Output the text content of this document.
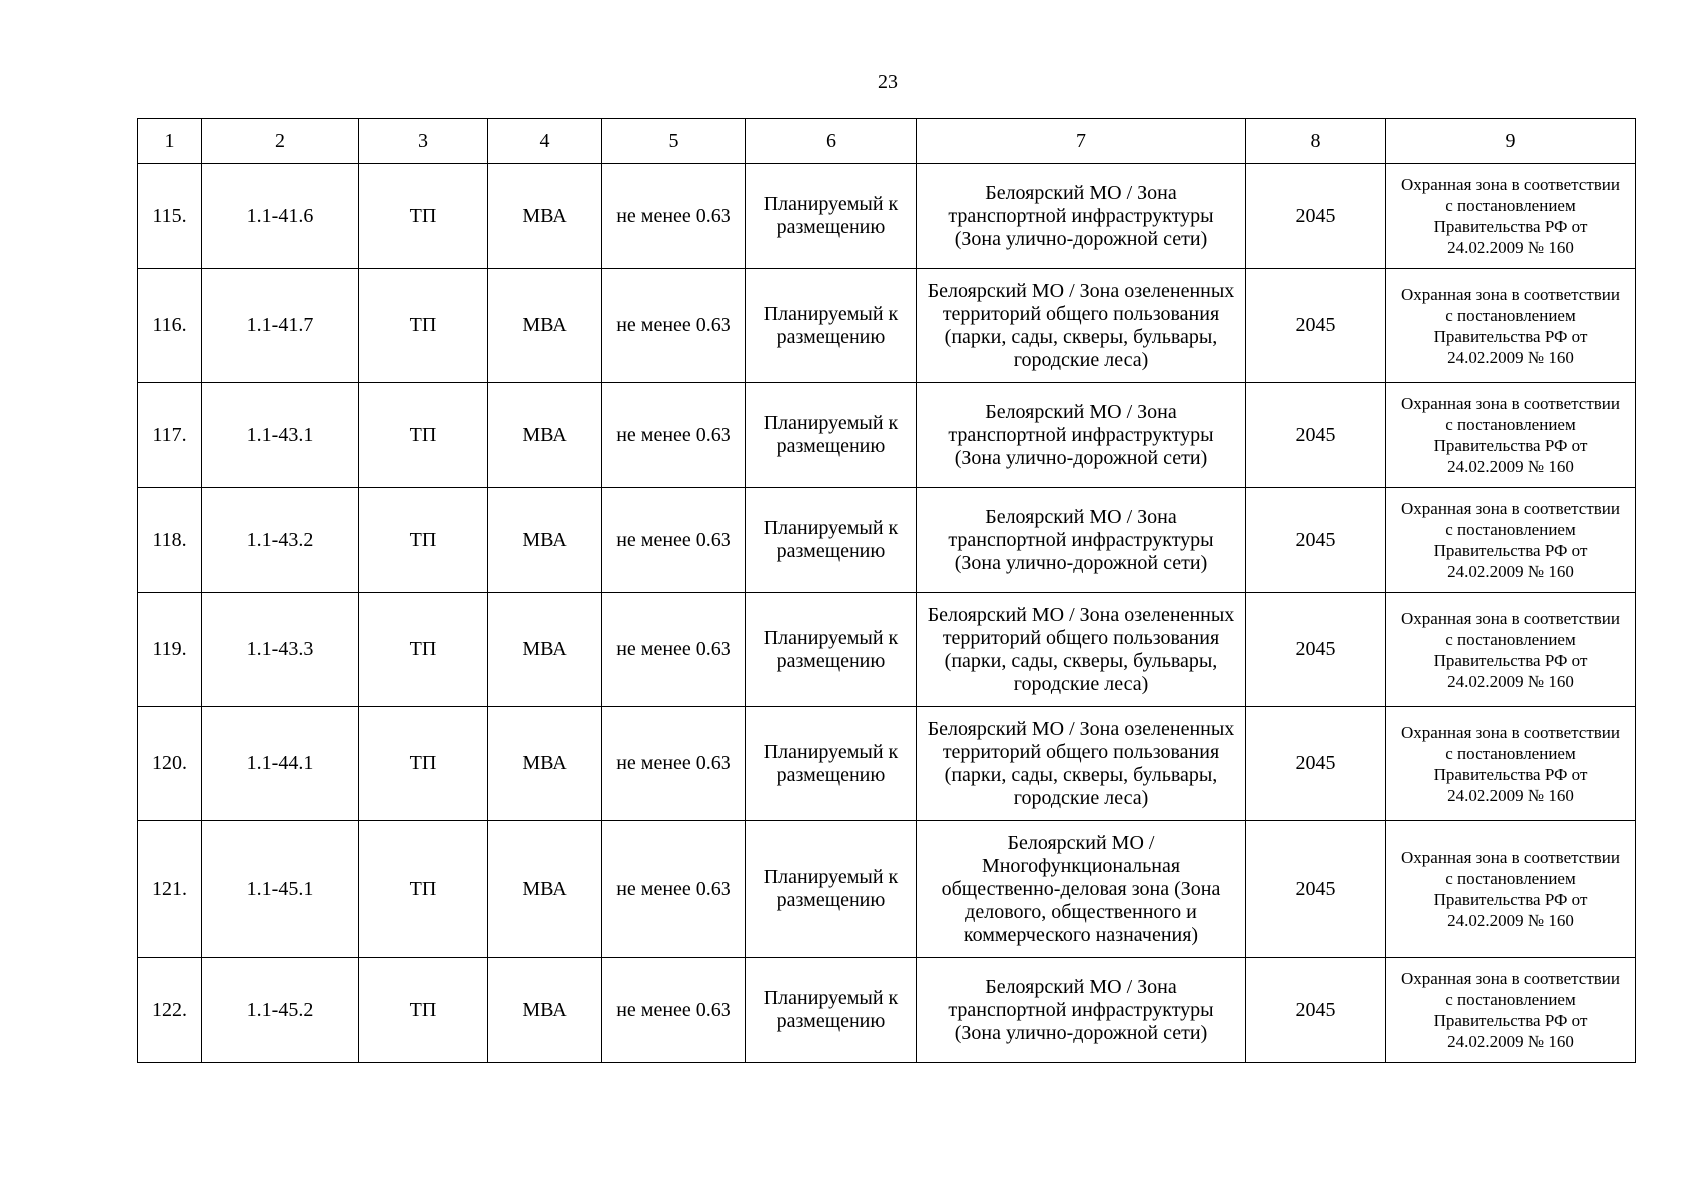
23
1	2	3	4	5	6	7	8	9
115.	1.1-41.6	ТП	МВА	не менее 0.63	Планируемый к
размещению	Белоярский МО / Зона
транспортной инфраструктуры
(Зона улично-дорожной сети)	2045	Охранная зона в соответствии
с постановлением
Правительства РФ от
24.02.2009 № 160

116.	1.1-41.7	ТП	МВА	не менее 0.63	Планируемый к
размещению	Белоярский МО / Зона озелененных
территорий общего пользования
(парки, сады, скверы, бульвары,
городские леса)	2045	Охранная зона в соответствии
с постановлением
Правительства РФ от
24.02.2009 № 160

117.	1.1-43.1	ТП	МВА	не менее 0.63	Планируемый к
размещению	Белоярский МО / Зона
транспортной инфраструктуры
(Зона улично-дорожной сети)	2045	Охранная зона в соответствии
с постановлением
Правительства РФ от
24.02.2009 № 160

118.	1.1-43.2	ТП	МВА	не менее 0.63	Планируемый к
размещению	Белоярский МО / Зона
транспортной инфраструктуры
(Зона улично-дорожной сети)	2045	Охранная зона в соответствии
с постановлением
Правительства РФ от
24.02.2009 № 160

119.	1.1-43.3	ТП	МВА	не менее 0.63	Планируемый к
размещению	Белоярский МО / Зона озелененных
территорий общего пользования
(парки, сады, скверы, бульвары,
городские леса)	2045	Охранная зона в соответствии
с постановлением
Правительства РФ от
24.02.2009 № 160

120.	1.1-44.1	ТП	МВА	не менее 0.63	Планируемый к
размещению	Белоярский МО / Зона озелененных
территорий общего пользования
(парки, сады, скверы, бульвары,
городские леса)	2045	Охранная зона в соответствии
с постановлением
Правительства РФ от
24.02.2009 № 160

121.	1.1-45.1	ТП	МВА	не менее 0.63	Планируемый к
размещению	Белоярский МО /
Многофункциональная
общественно-деловая зона (Зона
делового, общественного и
коммерческого назначения)	2045	Охранная зона в соответствии
с постановлением
Правительства РФ от
24.02.2009 № 160

122.	1.1-45.2	ТП	МВА	не менее 0.63	Планируемый к
размещению	Белоярский МО / Зона
транспортной инфраструктуры
(Зона улично-дорожной сети)	2045	Охранная зона в соответствии
с постановлением
Правительства РФ от
24.02.2009 № 160
